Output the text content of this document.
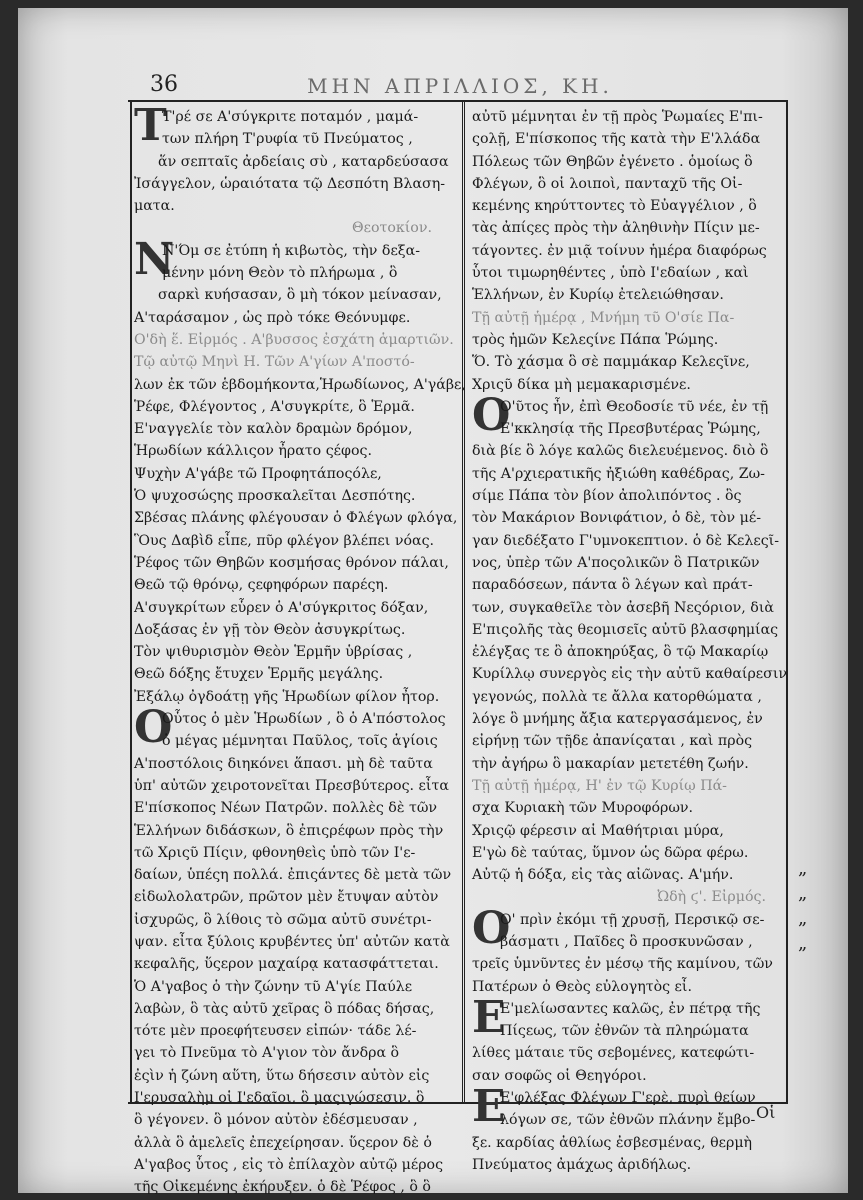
36	ΜΗΝ ΑΠΡΙΛΛΙΟΣ, ΚΗ.
Τ
Τ'ρέ σε Α'σύγκριτε ποταμόν , μαμά-
των πλήρη Τ'ρυφία τῦ Πνεύματος ,
ἅν σεπταῖς ἀρδείαις σὺ , καταρδεύσασα
Ἰσάγγελον, ὡραιότατα τῷ Δεσπότη Βλαση-
ματα.
Θεοτοκίον.
Ν
Ν'Όμ σε ἐτύπη ἡ κιβωτὸς, τὴν δεξα-
μένην μόνη Θεὸν τὸ πλήρωμα , ὃ
σαρκὶ κυήσασαν, ὃ μὴ τόκον μείνασαν,
Α'ταράσαμον , ὡς πρὸ τόκε Θεόνυμφε.
Ο'δὴ ἕ. Εἰρμός . Α'βυσσος ἐσχάτη ἁμαρτιῶν.
Τῷ αὐτῷ Μηνὶ Η. Τῶν Α'γίων Α'ποστό-
λων ἐκ τῶν ἑβδομήκοντα,Ἡρωδίωνος, Α'γάβε,
Ῥέφε, Φλέγοντος , Α'συγκρίτε, ὃ Ἑρμᾶ.
Ε'ναγγελίε τὸν καλὸν δραμὼν δρόμον,
Ἡρωδίων κάλλιςον ἦρατο ςέφος.
Ψυχὴν Α'γάβε τῶ Προφητάποςόλε,
Ὁ ψυχοσώςης προσκαλεῖται Δεσπότης.
Σβέσας πλάνης φλέγουσαν ὁ Φλέγων φλόγα,
Ὃυς Δαβὶδ εἶπε, πῦρ φλέγον βλέπει νόας.
Ῥέφος τῶν Θηβῶν κοσμήσας θρόνον πάλαι,
Θεῶ τῷ θρόνῳ, ςεφηφόρων παρέςη.
Α'συγκρίτων εὗρεν ὁ Α'σύγκριτος δόξαν,
Δοξάσας ἐν γῇ τὸν Θεὸν ἀσυγκρίτως.
Τὸν ψιθυρισμὸν Θεὸν Ἑρμῆν ὑβρίσας ,
Θεῶ δόξης ἔτυχεν Ἑρμῆς μεγάλης.
Ἐξάλῳ ὀγδοάτῃ γῆς Ἡρωδίων φίλον ἦτορ.
Ο
Οὗτος ὁ μὲν Ἡρωδίων , ὃ ὁ Α'πόστολος
ὁ μέγας μέμνηται Παῦλος, τοῖς ἁγίοις
Α'ποστόλοις διηκόνει ἅπασι. μὴ δὲ ταῦτα
ὑπ' αὐτῶν χειροτονεῖται Πρεσβύτερος. εἶτα
Ε'πίσκοπος Νέων Πατρῶν. πολλὲς δὲ τῶν
Ἑλλήνων διδάσκων, ὃ ἐπιςρέφων πρὸς τὴν
τῶ Χριςῦ Πίςιν, φθονηθεὶς ὑπὸ τῶν Ι'ε-
δαίων, ὑπέςη πολλά. ἐπιςάντες δὲ μετὰ τῶν
εἰδωλολατρῶν, πρῶτον μὲν ἔτυψαν αὐτὸν
ἰσχυρῶς, ὃ λίθοις τὸ σῶμα αὐτῦ συνέτρι-
ψαν. εἶτα ξύλοις κρυβέντες ὑπ' αὐτῶν κατὰ
κεφαλῆς, ὕςερον μαχαίρᾳ κατασφάττεται.
Ὁ Α'γαβος ὁ τὴν ζώνην τῦ Α'γίε Παύλε
λαβὼν, ὃ τὰς αὐτῦ χεῖρας ὃ πόδας δήσας,
τότε μὲν προεφήτευσεν εἰπών· τάδε λέ-
γει τὸ Πνεῦμα τὸ Α'γιον τὸν ἄνδρα ὃ
ἐςὶν ἡ ζώνη αὕτη, ὕτω δήσεσιν αὐτὸν εἰς
Ι'ερυσαλὴμ οἱ Ι'εδαῖοι, ὃ μαςιγώσεσιν. ὃ
ὃ γέγονεν. ὃ μόνον αὐτὸν ἐδέσμευσαν ,
ἀλλὰ ὃ ἀμελεῖς ἐπεχείρησαν. ὕςερον δὲ ὁ
Α'γαβος ὗτος , εἰς τὸ ἐπίλαχὸν αὐτῷ μέρος
τῆς Οἰκεμένης ἐκήρυξεν. ὁ δὲ Ῥέφος , ὃ ὃ
αὐτῦ μέμνηται ἐν τῇ πρὸς Ῥωμαίες Ε'πι-
ςολῇ, Ε'πίσκοπος τῆς κατὰ τὴν Ε'λλάδα
Πόλεως τῶν Θηβῶν ἐγένετο . ὁμοίως ὃ
Φλέγων, ὃ οἱ λοιποὶ, πανταχῦ τῆς Οἰ-
κεμένης κηρύττοντες τὸ Εὐαγγέλιον , ὃ
τὰς ἀπίςες πρὸς τὴν ἀληθινὴν Πίςιν με-
τάγοντες. ἐν μιᾷ τοίνυν ἡμέρα διαφόρως
ὗτοι τιμωρηθέντες , ὑπὸ Ι'εδαίων , καὶ
Ἑλλήνων, ἐν Κυρίῳ ἐτελειώθησαν.
Τῇ αὐτῇ ἡμέρᾳ , Μνήμη τῦ Ο'σίε Πα-
τρὸς ἡμῶν Κελεςίνε Πάπα Ῥώμης.
Ὅ. Τὸ χάσμα ὃ σὲ παμμάκαρ Κελεςῖνε,
Χριςῦ δίκα μὴ μεμακαρισμένε.
Ο
Ο'ῦτος ἦν, ἐπὶ Θεοδοσίε τῦ νέε, ἐν τῇ
Ε'κκλησίᾳ τῆς Πρεσβυτέρας Ῥώμης,
διὰ βίε ὃ λόγε καλῶς διελευέμενος. διὸ ὃ
τῆς Α'ρχιερατικῆς ἠξιώθη καθέδρας, Ζω-
σίμε Πάπα τὸν βίον ἀπολιπόντος . ὃς
τὸν Μακάριον Βονιφάτιον, ὁ δὲ, τὸν μέ-
γαν διεδέξατο Γ'υμνοκεπτιον. ὁ δὲ Κελεςῖ-
νος, ὑπὲρ τῶν Α'ποςολικῶν ὃ Πατρικῶν
παραδόσεων, πάντα ὃ λέγων καὶ πράτ-
των, συγκαθεῖλε τὸν ἀσεβῆ Νεςόριον, διὰ
Ε'πιςολῆς τὰς θεομισεῖς αὐτῦ βλασφημίας
ἐλέγξας τε ὃ ἀποκηρύξας, ὃ τῷ Μακαρίῳ
Κυρίλλῳ συνεργὸς εἰς τὴν αὐτῦ καθαίρεσιν
γεγονώς, πολλὰ τε ἄλλα κατορθώματα ,
λόγε ὃ μνήμης ἄξια κατεργασάμενος, ἐν
εἰρήνῃ τῶν τῇδε ἀπανίςαται , καὶ πρὸς
τὴν ἀγήρω ὃ μακαρίαν μετετέθη ζωήν.
Τῇ αὐτῇ ἡμέρᾳ, Η' ἐν τῷ Κυρίῳ Πά-
σχα Κυριακὴ τῶν Μυροφόρων.
Χριςῷ φέρεσιν αἱ Μαθήτριαι μύρα,
Ε'γὼ δὲ ταύτας, ὕμνον ὡς δῶρα φέρω.
Αὐτῷ ἡ δόξα, εἰς τὰς αἰῶνας. Α'μήν.
Ὠδὴ ϛ'. Εἰρμός.
Ο
Ο' πρὶν ἐκόμι τῇ χρυσῇ, Περσικῷ σε-
βάσματι , Παῖδες ὃ προσκυνῶσαν ,
τρεῖς ὑμνῦντες ἐν μέσῳ τῆς καμίνου, τῶν
Πατέρων ὁ Θεὸς εὐλογητὸς εἶ.
Ε
Ε'μελίωσαντες καλῶς, ἐν πέτρᾳ τῆς
Πίςεως, τῶν ἐθνῶν τὰ πληρώματα
λίθες μάταιε τῦς σεβομένες, κατεφώτι-
σαν σοφῶς οἱ Θεηγόροι.
Ε
Ε'φλέξας Φλέγων Γ'ερὲ, πυρὶ θείων
λόγων σε, τῶν ἐθνῶν πλάνην ἔμβο-
ξε. καρδίας ἀθλίως ἐσβεσμένας, θερμὴ
Πνεύματος ἀμάχως ἀριδήλως.
„
„
„
„
Οἱ
